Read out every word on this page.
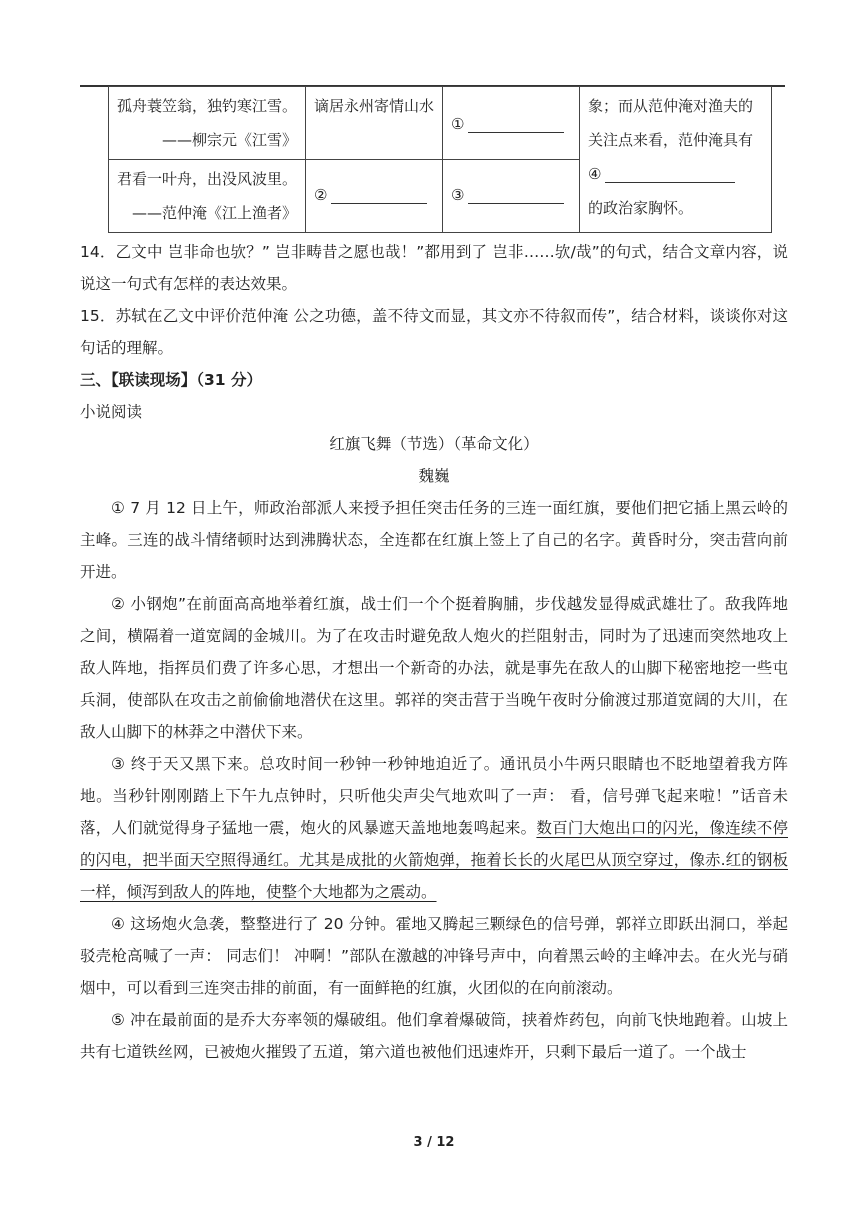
孤舟蓑笠翁，独钓寒江雪。
——柳宗元《江雪》	谪居永州寄情山水	①	象；而从范仲淹对渔夫的
关注点来看，范仲淹具有
④
的政治家胸怀。

君看一叶舟，出没风波里。
——范仲淹《江上渔者》	②	③	

14．乙文中 岂非命也欤？” 岂非畴昔之愿也哉！”都用到了 岂非……欤/哉”的句式，结合文章内容，说说这一句式有怎样的表达效果。

15．苏轼在乙文中评价范仲淹 公之功德，盖不待文而显，其文亦不待叙而传”，结合材料，谈谈你对这句话的理解。

三、【联读现场】（31 分）

小说阅读

红旗飞舞（节选）（革命文化）

魏巍

① 7 月 12 日上午，师政治部派人来授予担任突击任务的三连一面红旗，要他们把它插上黑云岭的主峰。三连的战斗情绪顿时达到沸腾状态，全连都在红旗上签上了自己的名字。黄昏时分，突击营向前开进。

② 小钢炮”在前面高高地举着红旗，战士们一个个挺着胸脯，步伐越发显得威武雄壮了。敌我阵地之间，横隔着一道宽阔的金城川。为了在攻击时避免敌人炮火的拦阻射击，同时为了迅速而突然地攻上敌人阵地，指挥员们费了许多心思，才想出一个新奇的办法，就是事先在敌人的山脚下秘密地挖一些屯兵洞，使部队在攻击之前偷偷地潜伏在这里。郭祥的突击营于当晚午夜时分偷渡过那道宽阔的大川，在敌人山脚下的林莽之中潜伏下来。

③ 终于天又黑下来。总攻时间一秒钟一秒钟地迫近了。通讯员小牛两只眼睛也不眨地望着我方阵地。当秒针刚刚踏上下午九点钟时，只听他尖声尖气地欢叫了一声： 看，信号弹飞起来啦！”话音未落，人们就觉得身子猛地一震，炮火的风暴遮天盖地地轰鸣起来。数百门大炮出口的闪光，像连续不停的闪电，把半面天空照得通红。尤其是成批的火箭炮弹，拖着长长的火尾巴从顶空穿过，像赤.红的钢板一样，倾泻到敌人的阵地，使整个大地都为之震动。

④ 这场炮火急袭，整整进行了 20 分钟。霍地又腾起三颗绿色的信号弹，郭祥立即跃出洞口，举起驳壳枪高喊了一声： 同志们！ 冲啊！”部队在激越的冲锋号声中，向着黑云岭的主峰冲去。在火光与硝烟中，可以看到三连突击排的前面，有一面鲜艳的红旗，火团似的在向前滚动。

⑤ 冲在最前面的是乔大夯率领的爆破组。他们拿着爆破筒，挟着炸药包，向前飞快地跑着。山坡上共有七道铁丝网，已被炮火摧毁了五道，第六道也被他们迅速炸开，只剩下最后一道了。一个战士

3 / 12
